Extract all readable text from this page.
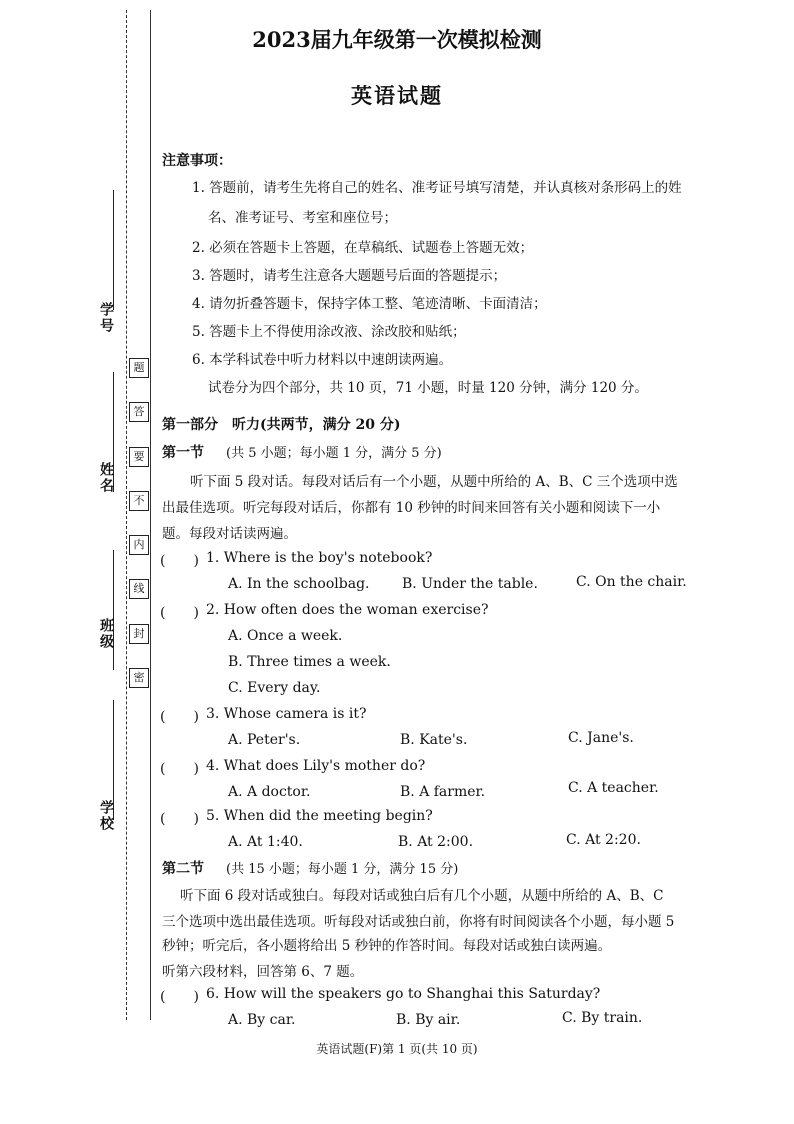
学号
姓名
班级
学校
题
答
要
不
内
线
封
密
2023届九年级第一次模拟检测
英语试题
注意事项：
1. 答题前，请考生先将自己的姓名、准考证号填写清楚，并认真核对条形码上的姓
名、准考证号、考室和座位号；
2. 必须在答题卡上答题，在草稿纸、试题卷上答题无效；
3. 答题时，请考生注意各大题题号后面的答题提示；
4. 请勿折叠答题卡，保持字体工整、笔迹清晰、卡面清洁；
5. 答题卡上不得使用涂改液、涂改胶和贴纸；
6. 本学科试卷中听力材料以中速朗读两遍。
试卷分为四个部分，共 10 页，71 小题，时量 120 分钟，满分 120 分。
第一部分　听力(共两节，满分 20 分)
第一节 (共 5 小题；每小题 1 分，满分 5 分)
听下面 5 段对话。每段对话后有一个小题，从题中所给的 A、B、C 三个选项中选
出最佳选项。听完每段对话后，你都有 10 秒钟的时间来回答有关小题和阅读下一小
题。每段对话读两遍。
(　　) 1. Where is the boy's notebook?
A. In the schoolbag. B. Under the table.	C. On the chair.
(　　) 2. How often does the woman exercise?
A. Once a week.
B. Three times a week.
C. Every day.
(　　) 3. Whose camera is it?
A. Peter's.	B. Kate's.	C. Jane's.
(　　) 4. What does Lily's mother do?
A. A doctor.	B. A farmer.	C. A teacher.
(　　) 5. When did the meeting begin?
A. At 1:40.	B. At 2:00.	C. At 2:20.
第二节 (共 15 小题；每小题 1 分，满分 15 分)
听下面 6 段对话或独白。每段对话或独白后有几个小题，从题中所给的 A、B、C
三个选项中选出最佳选项。听每段对话或独白前，你将有时间阅读各个小题，每小题 5
秒钟；听完后，各小题将给出 5 秒钟的作答时间。每段对话或独白读两遍。
听第六段材料，回答第 6、7 题。
(　　) 6. How will the speakers go to Shanghai this Saturday?
A. By car.	B. By air.	C. By train.
英语试题(F)第 1 页(共 10 页)
